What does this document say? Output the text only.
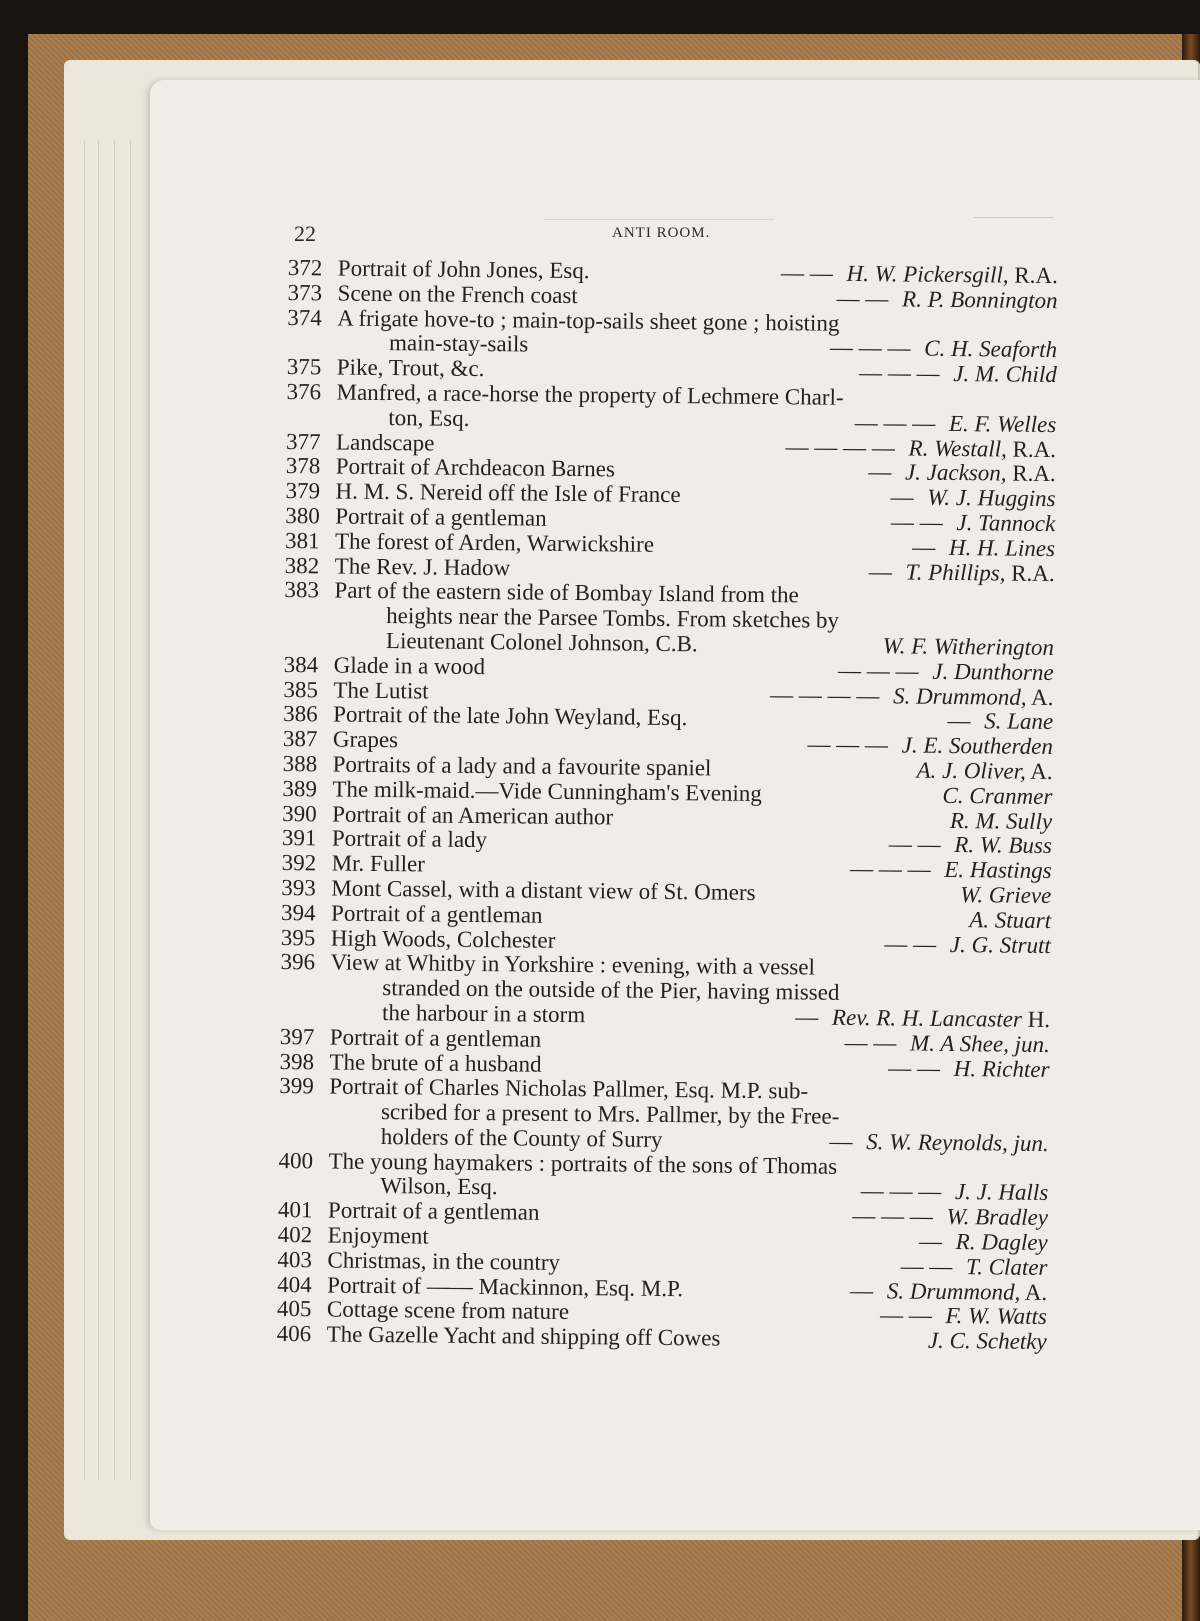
22	ANTI ROOM.
372 Portrait of John Jones, Esq.	— — H. W. Pickersgill, R.A.
373 Scene on the French coast	— — R. P. Bonnington
374 A frigate hove-to ; main-top-sails sheet gone ; hoisting
main-stay-sails	— — — C. H. Seaforth
375 Pike, Trout, &c.	— — — J. M. Child
376 Manfred, a race-horse the property of Lechmere Charl-
ton, Esq.	— — — E. F. Welles
377 Landscape	— — — — R. Westall, R.A.
378 Portrait of Archdeacon Barnes	— J. Jackson, R.A.
379 H. M. S. Nereid off the Isle of France	— W. J. Huggins
380 Portrait of a gentleman	— — J. Tannock
381 The forest of Arden, Warwickshire	— H. H. Lines
382 The Rev. J. Hadow	— T. Phillips, R.A.
383 Part of the eastern side of Bombay Island from the
heights near the Parsee Tombs. From sketches by
Lieutenant Colonel Johnson, C.B.	W. F. Witherington
384 Glade in a wood	— — — J. Dunthorne
385 The Lutist	— — — — S. Drummond, A.
386 Portrait of the late John Weyland, Esq.	— S. Lane
387 Grapes	— — — J. E. Southerden
388 Portraits of a lady and a favourite spaniel	A. J. Oliver, A.
389 The milk-maid.—Vide Cunningham's Evening	C. Cranmer
390 Portrait of an American author	R. M. Sully
391 Portrait of a lady	— — R. W. Buss
392 Mr. Fuller	— — — E. Hastings
393 Mont Cassel, with a distant view of St. Omers	W. Grieve
394 Portrait of a gentleman	A. Stuart
395 High Woods, Colchester	— — J. G. Strutt
396 View at Whitby in Yorkshire : evening, with a vessel
stranded on the outside of the Pier, having missed
the harbour in a storm	— Rev. R. H. Lancaster H.
397 Portrait of a gentleman	— — M. A Shee, jun.
398 The brute of a husband	— — H. Richter
399 Portrait of Charles Nicholas Pallmer, Esq. M.P. sub-
scribed for a present to Mrs. Pallmer, by the Free-
holders of the County of Surry	— S. W. Reynolds, jun.
400 The young haymakers : portraits of the sons of Thomas
Wilson, Esq.	— — — J. J. Halls
401 Portrait of a gentleman	— — — W. Bradley
402 Enjoyment	— R. Dagley
403 Christmas, in the country	— — T. Clater
404 Portrait of —— Mackinnon, Esq. M.P.	— S. Drummond, A.
405 Cottage scene from nature	— — F. W. Watts
406 The Gazelle Yacht and shipping off Cowes	J. C. Schetky
